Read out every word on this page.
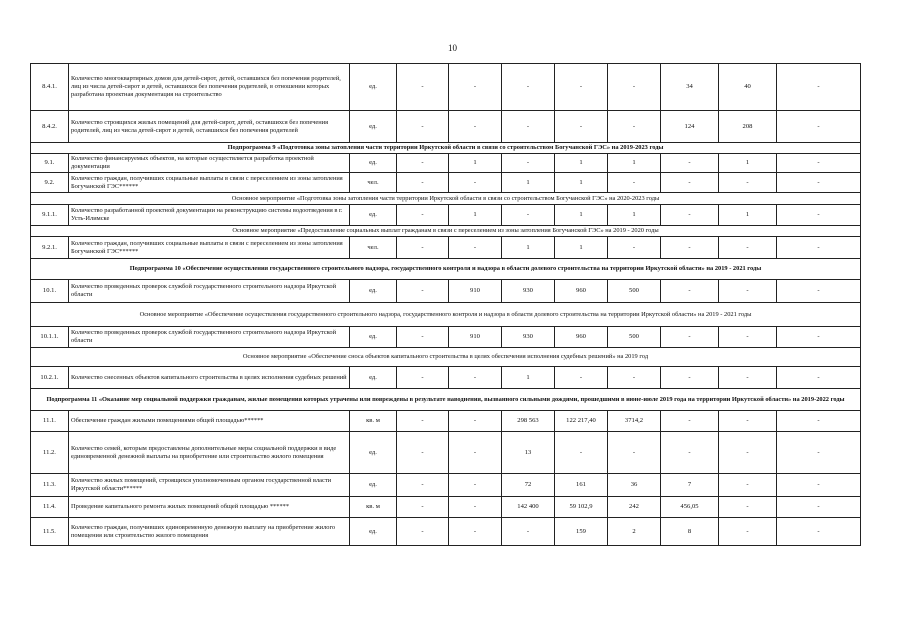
10
8.4.1.	Количество многоквартирных домов для детей-сирот, детей, оставшихся без попечения родителей, лиц из числа детей-сирот и детей, оставшихся без попечения родителей, в отношении которых разработана проектная документация на строительство	ед.	-	-	-	-	-	34	40	-
8.4.2.	Количество строящихся жилых помещений для детей-сирот, детей, оставшихся без попечения родителей, лиц из числа детей-сирот и детей, оставшихся без попечения родителей	ед.	-	-	-	-	-	124	208	-
Подпрограмма 9 «Подготовка зоны затопления части территории Иркутской области в связи со строительством Богучанской ГЭС» на 2019-2023 годы										
9.1.	Количество финансируемых объектов, на которые осуществляется разработка проектной документации	ед.	-	1	-	1	1	-	1	-
9.2.	Количество граждан, получивших социальные выплаты в связи с переселением из зоны затопления Богучанской ГЭС******	чел.	-	-	1	1	-	-	-	-
Основное мероприятие «Подготовка зоны затопления части территории Иркутской области в связи со строительством Богучанской ГЭС» на 2020-2023 годы										
9.1.1.	Количество разработанной проектной документации на реконструкцию системы водоотведения в г. Усть-Илимске	ед.	-	1	-	1	1	-	1	-
Основное мероприятие «Предоставление социальных выплат гражданам в связи с переселением из зоны затопления Богучанской ГЭС» на 2019 - 2020 годы										
9.2.1.	Количество граждан, получивших социальные выплаты в связи с переселением из зоны затопления Богучанской ГЭС******	чел.	-	-	1	1	-	-	-	-
Подпрограмма 10 «Обеспечение осуществления государственного строительного надзора, государственного контроля и надзора в области долевого строительства на территории Иркутской области» на 2019 - 2021 годы										
10.1.	Количество проведенных проверок службой государственного строительного надзора Иркутской области	ед.	-	910	930	960	500	-	-	-
Основное мероприятие «Обеспечение осуществления государственного строительного надзора, государственного контроля и надзора в области долевого строительства на территории Иркутской области» на 2019 - 2021 годы										
10.1.1.	Количество проведенных проверок службой государственного строительного надзора Иркутской области	ед.	-	910	930	960	500	-	-	-
Основное мероприятие «Обеспечение сноса объектов капитального строительства в целях обеспечения исполнения судебных решений» на 2019 год										
10.2.1.	Количество снесенных объектов капитального строительства в целях исполнения судебных решений	ед.	-	-	1	-	-	-	-	-
Подпрограмма 11 «Оказание мер социальной поддержки гражданам, жилые помещения которых утрачены или повреждены в результате наводнения, вызванного сильными дождями, прошедшими в июне-июле 2019 года на территории Иркутской области» на 2019-2022 годы										
11.1.	Обеспечение граждан жилыми помещениями общей площадью******	кв. м	-	-	298 563	122 217,40	3714,2	-	-	-
11.2.	Количество семей, которым предоставлены дополнительные меры социальной поддержки в виде единовременной денежной выплаты на приобретение или строительство жилого помещения	ед.	-	-	13	-	-	-	-	-
11.3.	Количество жилых помещений, строящихся уполномоченным органом государственной власти Иркутской области******	ед.	-	-	72	161	36	7	-	-
11.4.	Проведение капитального ремонта жилых помещений общей площадью ******	кв. м	-	-	142 400	59 102,9	242	456,05	-	-
11.5.	Количество граждан, получивших единовременную денежную выплату на приобретение жилого помещения или строительство жилого помещения	ед.	-	-	-	159	2	8	-	-
